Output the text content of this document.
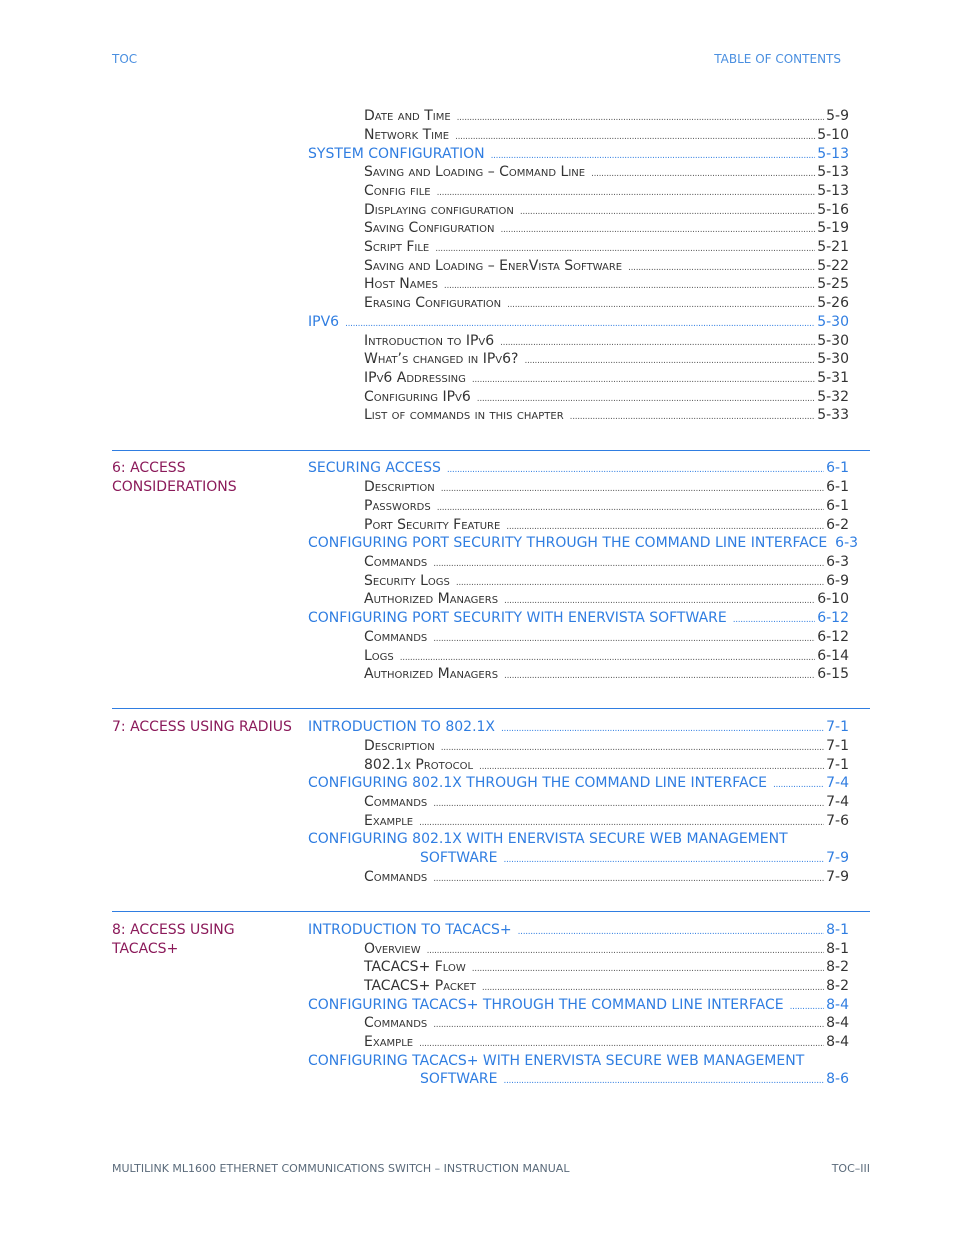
TOC	TABLE OF CONTENTS
Date and Time . . .	5-9
Network Time . . .	5-10
SYSTEM CONFIGURATION . . .	5-13
Saving and Loading – Command Line . . .	5-13
Config file . . .	5-13
Displaying configuration . . .	5-16
Saving Configuration . . .	5-19
Script File . . .	5-21
Saving and Loading – EnerVista Software . . .	5-22
Host Names . . .	5-25
Erasing Configuration . . .	5-26
IPV6 . . .	5-30
Introduction to IPv6 . . .	5-30
What’s changed in IPv6? . . .	5-30
IPv6 Addressing . . .	5-31
Configuring IPv6 . . .	5-32
List of commands in this chapter . . .	5-33
6: ACCESS
CONSIDERATIONS
SECURING ACCESS . . .	6-1
Description . . .	6-1
Passwords . . .	6-1
Port Security Feature . . .	6-2
CONFIGURING PORT SECURITY THROUGH THE COMMAND LINE INTERFACE 6-3
Commands . . .	6-3
Security Logs . . .	6-9
Authorized Managers . . .	6-10
CONFIGURING PORT SECURITY WITH ENERVISTA SOFTWARE . . .	6-12
Commands . . .	6-12
Logs . . .	6-14
Authorized Managers . . .	6-15
7: ACCESS USING RADIUS	INTRODUCTION TO 802.1X . . .	7-1
Description . . .	7-1
802.1x Protocol . . .	7-1
CONFIGURING 802.1X THROUGH THE COMMAND LINE INTERFACE . . .	7-4
Commands . . .	7-4
Example . . .	7-6
CONFIGURING 802.1X WITH ENERVISTA SECURE WEB MANAGEMENT
SOFTWARE . . .	7-9
Commands . . .	7-9
8: ACCESS USING
TACACS+
INTRODUCTION TO TACACS+ . . .	8-1
Overview . . .	8-1
TACACS+ Flow . . .	8-2
TACACS+ Packet . . .	8-2
CONFIGURING TACACS+ THROUGH THE COMMAND LINE INTERFACE . . .	8-4
Commands . . .	8-4
Example . . .	8-4
CONFIGURING TACACS+ WITH ENERVISTA SECURE WEB MANAGEMENT
SOFTWARE . . .	8-6
MULTILINK ML1600 ETHERNET COMMUNICATIONS SWITCH – INSTRUCTION MANUAL	TOC–III
